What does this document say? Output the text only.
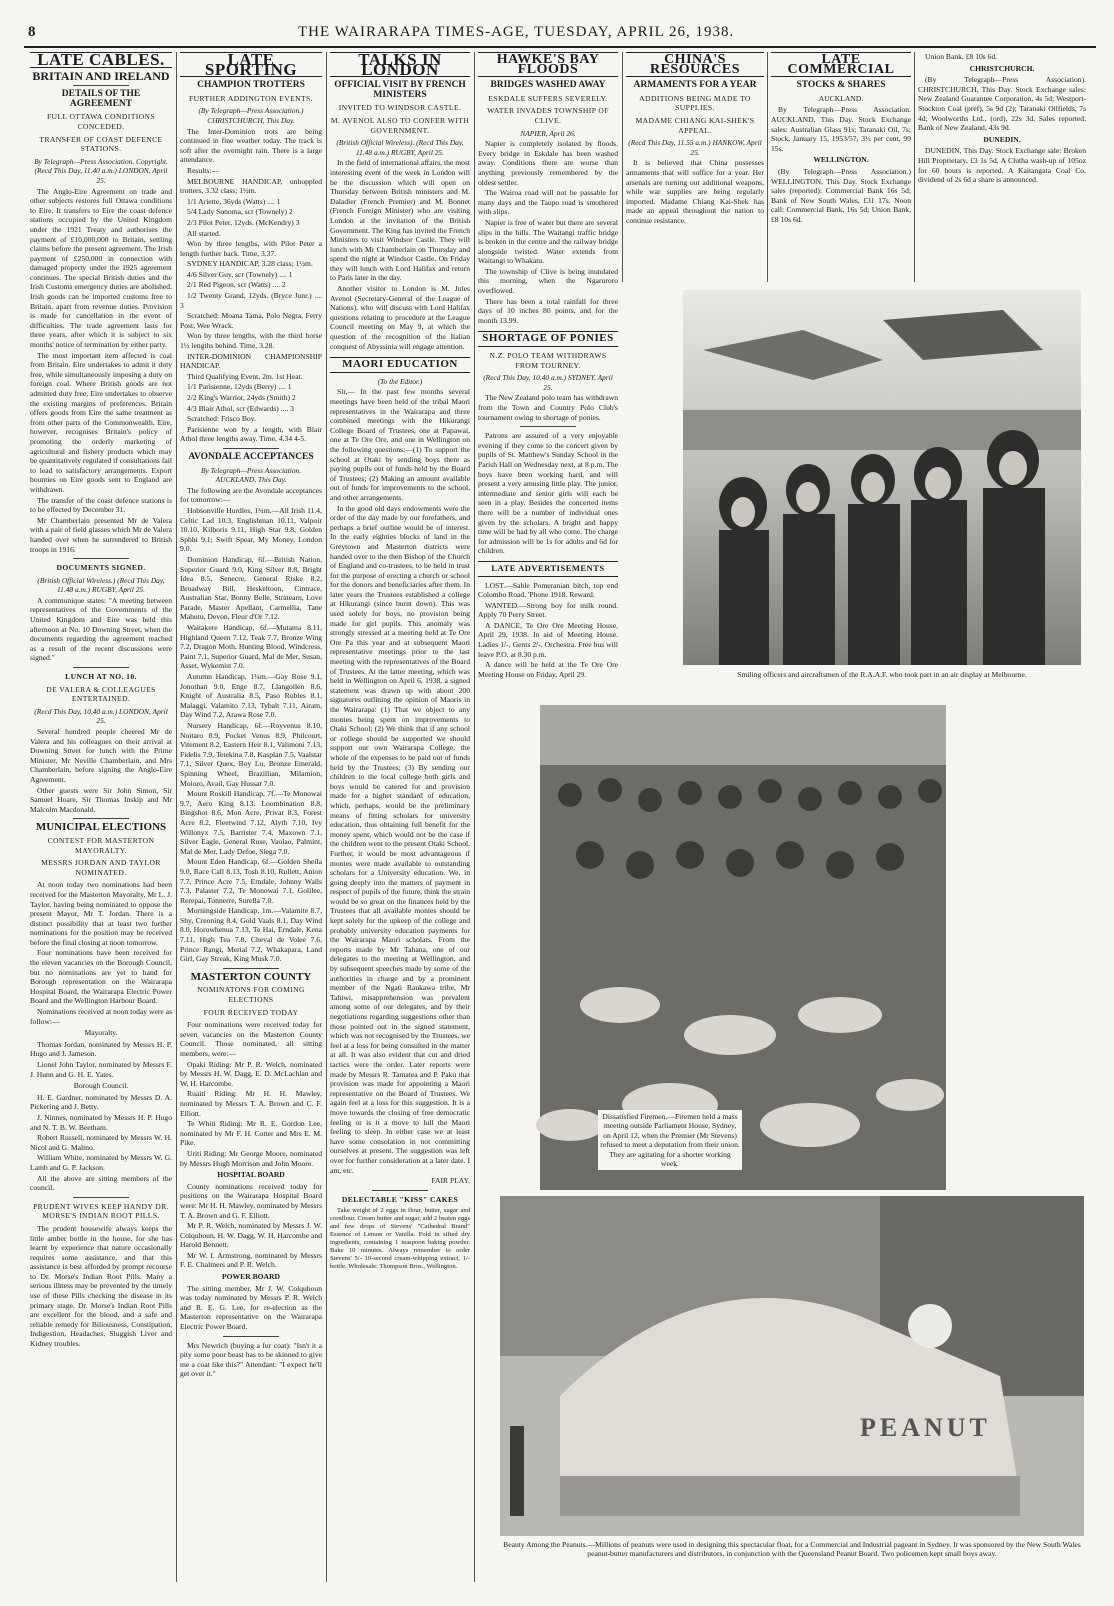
8	THE WAIRARAPA TIMES-AGE, TUESDAY, APRIL 26, 1938.
LATE CABLES.
BRITAIN AND IRELAND
DETAILS OF THE AGREEMENT
FULL OTTAWA CONDITIONS CONCEDED.
TRANSFER OF COAST DEFENCE STATIONS.
By Telegraph—Press Association. Copyright. (Recd This Day, 11.40 a.m.) LONDON, April 25.

The Anglo-Eire Agreement on trade and other subjects restores full Ottawa conditions to Eire. It transfers to Eire the coast defence stations occupied by the United Kingdom under the 1921 Treaty and authorises the payment of £10,000,000 to Britain, settling claims before the present agreement. The Irish payment of £250,000 in connection with damaged property under the 1925 agreement continues. The special British duties and the Irish Customs emergency duties are abolished. Irish goods can be imported customs free to Britain, apart from revenue duties. Provision is made for cancellation in the event of difficulties. The trade agreement lasts for three years, after which it is subject to six months' notice of termination by either party.

The most important item affected is coal from Britain. Eire undertakes to admit it duty free, while simultaneously imposing a duty on foreign coal. Where British goods are not admitted duty free, Eire undertakes to observe the existing margins of preferences. Britain offers goods from Eire the same treatment as from other parts of the Commonwealth. Eire, however, recognises Britain's policy of promoting the orderly marketing of agricultural and fishery products which may be quantitatively regulated if consultations fail to lead to satisfactory arrangements. Export bounties on Eire goods sent to England are withdrawn.

The transfer of the coast defence stations is to be effected by December 31.

Mr Chamberlain presented Mr de Valera with a pair of field glasses which Mr de Valera handed over when he surrendered to British troops in 1916.

DOCUMENTS SIGNED.
(British Official Wireless.) (Recd This Day, 11.48 a.m.) RUGBY, April 25.

A communique states: "A meeting between representatives of the Governments of the United Kingdom and Eire was held this afternoon at No. 10 Downing Street, when the documents regarding the agreement reached as a result of the recent discussions were signed."

LUNCH AT NO. 10.
DE VALERA & COLLEAGUES ENTERTAINED.
(Recd This Day, 10.40 a.m.) LONDON, April 25.

Several hundred people cheered Mr de Valera and his colleagues on their arrival at Downing Street for lunch with the Prime Minister, Mr Neville Chamberlain, and Mrs Chamberlain, before signing the Anglo-Eire Agreement.

Other guests were Sir John Simon, Sir Samuel Hoare, Sir Thomas Inskip and Mr Malcolm Macdonald.

MUNICIPAL ELECTIONS
CONTEST FOR MASTERTON MAYORALTY.
MESSRS JORDAN AND TAYLOR NOMINATED.

At noon today two nominations had been received for the Masterton Mayoralty, Mr L. J. Taylor, having being nominated to oppose the present Mayor, Mr T. Jordan. There is a distinct possibility that at least two further nominations for the position may be received before the final closing at noon tomorrow.

Four nominations have been received for the eleven vacancies on the Borough Council, but no nominations are yet to hand for Borough representation on the Wairarapa Hospital Board, the Wairarapa Electric Power Board and the Wellington Harbour Board.

Nominations received at noon today were as follow:—

Mayoralty.

Thomas Jordan, nominated by Messrs H. P. Hugo and J. Jameson.

Lionel John Taylor, nominated by Messrs F. J. Hunn and G. H. E. Yates.

Borough Council.

H. E. Gardner, nominated by Messrs D. A. Pickering and J. Betty.

J. Ninnes, nominated by Messrs H. P. Hugo and N. T. B. W. Beetham.

Robert Russell, nominated by Messrs W. H. Nicol and G. Malmo.

William White, nominated by Messrs W. G. Lamb and G. P. Jackson.

All the above are sitting members of the council.

PRUDENT WIVES KEEP HANDY DR. MORSE'S INDIAN ROOT PILLS.

The prudent housewife always keeps the little amber bottle in the house, for she has learnt by experience that nature occasionally requires some assistance, and that this assistance is best afforded by prompt recourse to Dr. Morse's Indian Root Pills. Many a serious illness may be prevented by the timely use of these Pills checking the disease in its primary stage. Dr. Morse's Indian Root Pills are excellent for the blood, and a safe and reliable remedy for Biliousness, Constipation, Indigestion, Headaches, Sluggish Liver and Kidney troubles.

LATE SPORTING
CHAMPION TROTTERS
FURTHER ADDINGTON EVENTS.
(By Telegraph—Press Association.) CHRISTCHURCH, This Day.

The Inter-Dominion trots are being continued in fine weather today. The track is soft after the overnight rain. There is a large attendance.

Results:—

MELBOURNE HANDICAP, unhoppled trotters, 3.32 class; 1½m.

1/1 Ariette, 36yds (Watts) .... 1

5/4 Lady Sonoma, scr (Townely) 2

2/3 Pilot Peter, 12yds. (McKendry) 3

All started.

Won by three lengths, with Pilot Peter a length further back. Time, 3.37.

SYDNEY HANDICAP, 3.28 class; 1½m.

4/6 Silver Guy, scr (Townely) .... 1

2/1 Red Pigeon, scr (Watts) .... 2

1/2 Twenty Grand, 12yds. (Bryce Junr.) .... 3

Scratched: Moana Tama, Polo Negra, Ferry Post, Wee Wrack.

Won by three lengths, with the third horse 1½ lengths behind. Time, 3.28.

INTER-DOMINION CHAMPIONSHIP HANDICAP.

Third Qualifying Event, 2m. 1st Heat.

1/1 Parisienne, 12yds (Berry) .... 1

2/2 King's Warrior, 24yds (Smith) 2

4/3 Blair Athol, scr (Edwards) .... 3

Scratched: Frisco Boy.

Parisienne won by a length, with Blair Athol three lengths away. Time, 4.34 4-5.

AVONDALE ACCEPTANCES
By Telegraph—Press Association. AUCKLAND, This Day.

The following are the Avondale acceptances for tomorrow:—

Hobsonville Hurdles, 1¾m.—All Irish 11.4, Celtic Lad 10.3, Englishman 10.11, Valpoir 10.10, Kilboris 9.11, High Star 9.8, Golden Sphhi 9.1; Swift Spear, My Money, London 9.0.

Dominion Handicap, 6f.—British Nation, Superior Guard 9.0, King Silver 8.8, Bright Idea 8.5, Senecre, General Riske 8.2, Broadway Bill, Heskeltoon, Cintrace, Australian Star, Bonny Belle, Stratearn, Love Parade, Master Apellant, Carmellia, Tane Mahutu, Devon, Fleur d'Or 7.12.

Waitakere Handicap, 6f.—Mutama 8.11, Highland Queen 7.12, Teak 7.7, Bronze Wing 7.2, Dragon Moth, Hunting Blood, Windcress, Paint 7.1, Superior Guard, Mal de Mer, Susan, Asset, Wykemist 7.0.

Autumn Handicap, 1¼m.—Gay Rose 9.1, Jonothan 9.0, Enge 8.7, Llangollen 8.6, Knight of Australia 8.5, Paso Robles 8.1, Malaggi, Valamito 7.13, Tybalt 7.11, Airam, Day Wind 7.2, Arawa Rose 7.0.

Nursery Handicap, 6f.—Royvenus 8.10, Noitaro 8.9, Pocket Venus 8.9, Philcourt, Vitement 8.2, Eastern Heir 8.1, Valimoni 7.13, Fidelis 7.9, Tetekina 7.8, Kasplan 7.5, Vaalstar 7.1, Silver Quex, Boy Lu, Bronze Emerald, Spinning Wheel, Brazillian, Milamion, Moioro, Avail, Gay Hussar 7.0.

Mount Roskill Handicap, 7f.—Te Monowai 9.7, Aero King 8.13, Loombination 8.8, Bingshot 8.6, Mon Acre, Privat 8.3, Forest Acre 8.2, Fleetwind 7.12, Alyth 7.10, Ivy Willonyx 7.5, Barrister 7.4, Maxown 7.1, Silver Eagle, General Ruse, Vaolao, Palmint, Mal de Mer, Lady Defoe, Siega 7.0.

Mount Eden Handicap, 6f.—Golden Sheila 9.0, Race Call 8.13, Tosh 8.10, Rullett, Anion 7.7, Prince Acre 7.5, Erndale, Johnny Walls 7.3, Palaster 7.2, Te Monowai 7.1, Golilee, Rerepai, Tonnerre, Surella 7.0.

Morningside Handicap, 1m.—Valamite 8.7, Shy, Creoning 8.4, Gold Vaals 8.1, Day Wind 8.0, Horowhenua 7.13, Te Hai, Erndale, Kena 7.11, High Tea 7.8, Cheval de Volee 7.6, Prince Rangi, Merial 7.2, Whakapara, Land Girl, Gay Streak, King Musk 7.0.

MASTERTON COUNTY
NOMINATONS FOR COMING ELECTIONS
FOUR RECEIVED TODAY

Four nominations were received today for seven vacancies on the Masterton County Council. Those nominated, all sitting members, were:—

Opaki Riding: Mr P. R. Welch, nominated by Messrs H. W. Dagg, E. D. McLachlan and W. H. Harcombe.

Ruaiti Riding: Mr H. H. Mawley, nominated by Messrs T. A. Brown and C. F. Elliott.

Te Whiti Riding: Mr R. E. Gordon Lee, nominated by Mr F. H. Cotter and Mrs E. M. Pike.

Uriti Riding: Mr George Moore, nominated by Messrs Hugh Morrison and John Moore.

HOSPITAL BOARD

County nominations received today for positions on the Wairarapa Hospital Board were: Mr H. H. Mawley, nominated by Messrs T. A. Brown and G. F. Elliott.

Mr P. R. Welch, nominated by Messrs J. W. Colquhoun, H. W. Dagg, W. H. Harcombe and Harold Bennett.

Mr W. I. Armstrong, nominated by Messrs F. E. Chalmers and P. R. Welch.

POWER BOARD

The sitting member, Mr J. W. Colquhoun was today nominated by Messrs P. R. Welch and R. E. G. Lee, for re-election as the Masterton representative on the Wairarapa Electric Power Board.

Mrs Newrich (buying a fur coat): "Isn't it a pity some poor beast has to be skinned to give me a coat like this?" Attendant: "I expect he'll get over it."

TALKS IN LONDON
OFFICIAL VISIT BY FRENCH MINISTERS
INVITED TO WINDSOR CASTLE.
M. AVENOL ALSO TO CONFER WITH GOVERNMENT.
(British Official Wireless). (Recd This Day, 11.48 a.m.) RUGBY, April 25.

In the field of international affairs, the most interesting event of the week in London will be the discussion which will open on Thursday between British ministers and M. Daladier (French Premier) and M. Bonnet (French Foreign Minister) who are visiting London at the invitation of the British Government. The King has invited the French Ministers to visit Windsor Castle. They will lunch with Mr Chamberlain on Thursday and spend the night at Windsor Castle. On Friday they will lunch with Lord Halifax and return to Paris later in the day.

Another visitor to London is M. Jules Avenol (Secretary-General of the League of Nations), who will discuss with Lord Halifax questions relating to procedure at the League Council meeting on May 9, at which the question of the recognition of the Italian conquest of Abyssinia will engage attention.

MAORI EDUCATION
(To the Editor.)

Sir,— In the past few months several meetings have been held of the tribal Maori representatives in the Wairarapa and three combined meetings with the Hikurangi College Board of Trustees, one at Papawai, one at Te Ore Ore, and one in Wellington on the following questions:—(1) To support the school at Otaki by sending boys there as paying pupils out of funds held by the Board of Trustees; (2) Making an amount available out of funds for improvements to the school, and other arrangements.

In the good old days endowments were the order of the day made by our forefathers, and perhaps a brief outline would be of interest. In the early eighties blocks of land in the Greytown and Masterton districts were handed over to the then Bishop of the Church of England and co-trustees, to be held in trust for the purpose of erecting a church or school for the donors and beneficiaries after them. In later years the Trustees established a college at Hikurangi (since burnt down). This was used solely for boys, no provision being made for girl pupils. This anomaly was strongly stressed at a meeting held at Te Ore Ore Pa this year and at subsequent Maori representative meetings prior to the last meeting with the representatives of the Board of Trustees. At the latter meeting, which was held in Wellington on April 6, 1938, a signed statement was drawn up with about 200 signatures outlining the opinion of Maoris in the Wairarapa: (1) That we object to any monies being spent on improvements to Otaki School; (2) We think that if any school or college should be supported we should support our own Wairarapa College, the whole of the expenses to be paid out of funds held by the Trustees; (3) By sending our children to the local college both girls and boys would be catered for and provision made for a higher standard of education, which, perhaps, would be the preliminary means of fitting scholars for university education, thus obtaining full benefit for the money spent, which would not be the case if the children went to the present Otaki School. Further, it would be most advantageous if monies were made available to outstanding scholars for a University education. We, in going deeply into the matters of payment in respect of pupils of the future, think the strain would be so great on the finances held by the Trustees that all available monies should be kept solely for the upkeep of the college and probably university education payments for the Wairarapa Maori scholars. From the reports made by Mr Tahana, one of our delegates to the meeting at Wellington, and by subsequent speeches made by some of the authorities in charge and by a prominent member of the Ngati Raukawa tribe, Mr Tahiwi, misapprehension was prevalent among some of our delegates, and by their negotiations regarding suggestions other than those pointed out in the signed statement, which was not recognised by the Trustees, we feel at a loss for being consulted in the matter at all. It was also evident that cut and dried tactics were the order. Later reports were made by Messrs R. Tamatea and P. Paku that provision was made for appointing a Maori representative on the Board of Trustees. We again feel at a loss for this suggestion. It is a move towards the closing of free democratic feeling or is it a move to lull the Maori feeling to sleep. In either case we at least have some consolation in not committing ourselves at present. The suggestion was left over for further consideration at a later date. I am, etc.

FAIR PLAY.
DELECTABLE "KISS" CAKES

Take weight of 2 eggs in flour, butter, sugar and cornflour. Cream butter and sugar, add 2 beaten eggs and few drops of Stevens' "Cathedral Brand" Essence of Lemon or Vanilla. Fold in sifted dry ingredients, containing 1 teaspoon baking powder. Bake 10 minutes. Always remember to order Stevens' 5/- 10-second cream-whipping extract, 1/- bottle. Wholesale: Thompson Bros., Wellington.

HAWKE'S BAY FLOODS
BRIDGES WASHED AWAY
ESKDALE SUFFERS SEVERELY.
WATER INVADES TOWNSHIP OF CLIVE.
NAPIER, April 26.

Napier is completely isolated by floods. Every bridge in Eskdale has been washed away. Conditions there are worse than anything previously remembered by the oldest settler.

The Wairoa road will not be passable for many days and the Taupo road is smothered with slips.

Napier is free of water but there are several slips in the hills. The Waitangi traffic bridge is broken in the centre and the railway bridge alongside twisted. Water extends from Waitangi to Whakatu.

The township of Clive is being inundated this morning, when the Ngaruroro overflowed.

There has been a total rainfall for three days of 10 inches 80 points, and for the month 13.99.

SHORTAGE OF PONIES
N.Z. POLO TEAM WITHDRAWS FROM TOURNEY.
(Recd This Day, 10.40 a.m.) SYDNEY, April 25.

The New Zealand polo team has withdrawn from the Town and Country Polo Club's tournament owing to shortage of ponies.

Patrons are assured of a very enjoyable evening if they come to the concert given by pupils of St. Matthew's Sunday School in the Parish Hall on Wednesday next, at 8 p.m. The boys have been working hard, and will present a very amusing little play. The junior, intermediate and senior girls will each be seen in a play. Besides the concerted items there will be a number of individual ones given by the scholars. A bright and happy time will be had by all who come. The charge for admission will be 1s for adults and 6d for children.

LATE ADVERTISEMENTS

LOST.—Sable Pomeranian bitch, top end Colombo Road. 'Phone 1918. Reward.

WANTED.—Strong boy for milk round. Apply 70 Perry Street.

A DANCE, Te Ore Ore Meeting House, April 29, 1938. In aid of Meeting House. Ladies 1/-, Gents 2/-. Orchestra. Free bus will leave P.O. at 8.30 p.m.

A dance will be held at the Te Ore Ore Meeting House on Friday, April 29.

CHINA'S RESOURCES
ARMAMENTS FOR A YEAR
ADDITIONS BEING MADE TO SUPPLIES.
MADAME CHIANG KAI-SHEK'S APPEAL.
(Recd This Day, 11.55 a.m.) HANKOW, April 25.

It is believed that China possesses armaments that will suffice for a year. Her arsenals are turning out additional weapons, while war supplies are being regularly imported. Madame Chiang Kai-Shek has made an appeal throughout the nation to continue resistance.

LATE COMMERCIAL
STOCKS & SHARES
AUCKLAND.

By Telegraph—Press Association. AUCKLAND, This Day. Stock Exchange sales: Australian Glass 91s; Taranaki Oil, 7s; Stock, January 15, 1953/57, 3½ per cent, 99 15s.

WELLINGTON.

(By Telegraph—Press Association.) WELLINGTON, This Day. Stock Exchange sales (reported): Commercial Bank 16s 5d; Bank of New South Wales, £31 17s. Noon call: Commercial Bank, 16s 5d; Union Bank, £8 10s 6d.

Union Bank, £8 10s 6d.

CHRISTCHURCH.

(By Telegraph—Press Association). CHRISTCHURCH, This Day. Stock Exchange sales: New Zealand Guarantee Corporation, 4s 5d; Westport-Stockton Coal (pref), 5s 9d (2); Taranaki Oilfields, 7s 4d; Woolworths Ltd., (ord), 22s 3d. Sales reported, Bank of New Zealand, 43s 9d.

DUNEDIN.

DUNEDIN, This Day. Stock Exchange sale: Broken Hill Proprietary, £3 1s 5d. A Clutha wash-up of 105oz for 60 hours is reported. A Kaitangata Coal Co. dividend of 2s 6d a share is announced.

Smiling officers and aircraftsmen of the R.A.A.F. who took part in an air display at Melbourne.

Dissatisfied Firemen.—Firemen held a mass meeting outside Parliament House, Sydney, on April 12, when the Premier (Mr Stevens) refused to meet a deputation from their union. They are agitating for a shorter working week.

PEANUT

Beauty Among the Peanuts.—Millions of peanuts were used in designing this spectacular float, for a Commercial and Industrial pageant in Sydney. It was sponsored by the New South Wales peanut-butter manufacturers and distributors, in conjunction with the Queensland Peanut Board. Two policemen kept small boys away.
